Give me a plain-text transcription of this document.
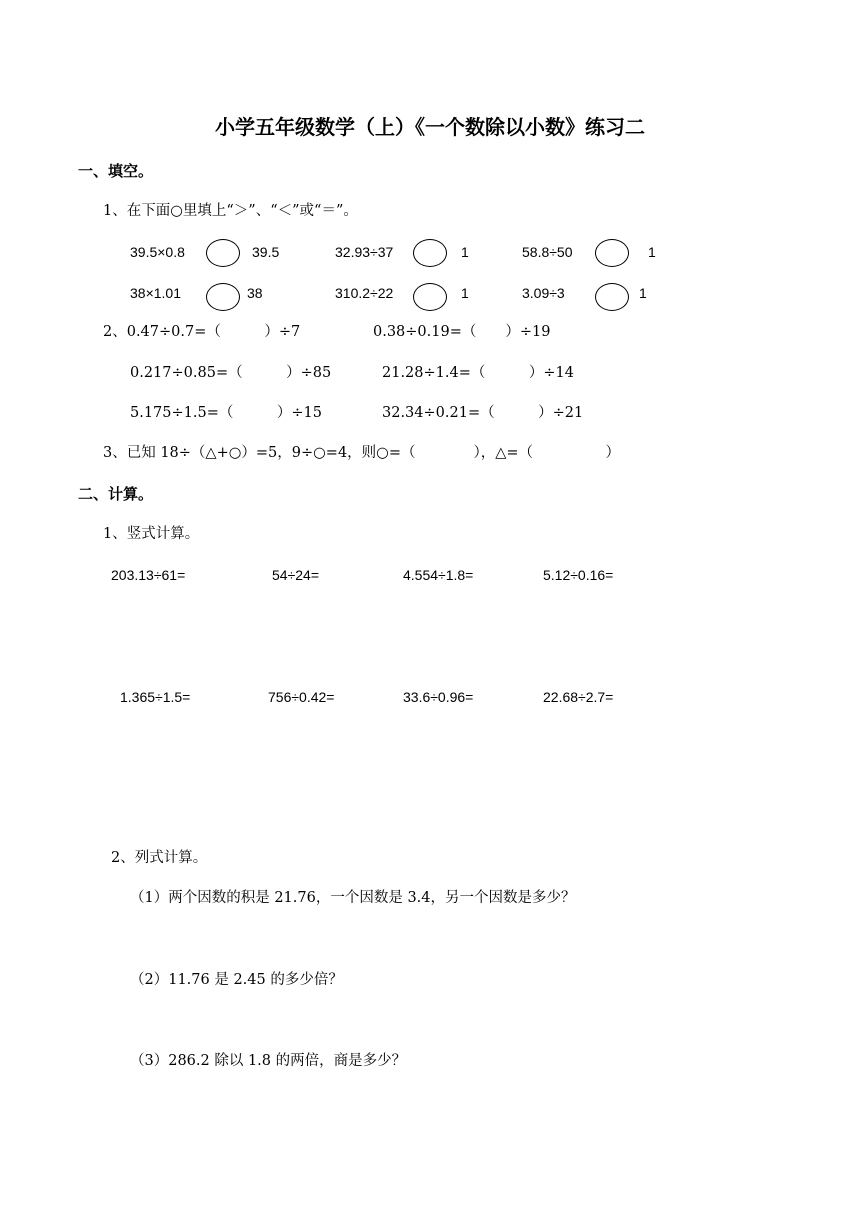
小学五年级数学（上）《一个数除以小数》练习二
一、填空。
1、在下面○里填上“＞”、“＜”或“＝”。
39.5×0.8	39.5	32.93÷37	1	58.8÷50	1
38×1.01	38	310.2÷22	1	3.09÷3	1
2、0.47÷0.7=（　　　）÷7	0.38÷0.19=（　　）÷19
0.217÷0.85=（　　　）÷85	21.28÷1.4=（　　　）÷14
5.175÷1.5=（　　　）÷15	32.34÷0.21=（　　　）÷21
3、已知 18÷（△+○）=5，9÷○=4，则○=（　　　　），△=（　　　　　）
二、计算。
1、竖式计算。
203.13÷61=	54÷24=	4.554÷1.8=	5.12÷0.16=
1.365÷1.5=	756÷0.42=	33.6÷0.96=	22.68÷2.7=
2、列式计算。
（1）两个因数的积是 21.76，一个因数是 3.4，另一个因数是多少？
（2）11.76 是 2.45 的多少倍？
（3）286.2 除以 1.8 的两倍，商是多少？
